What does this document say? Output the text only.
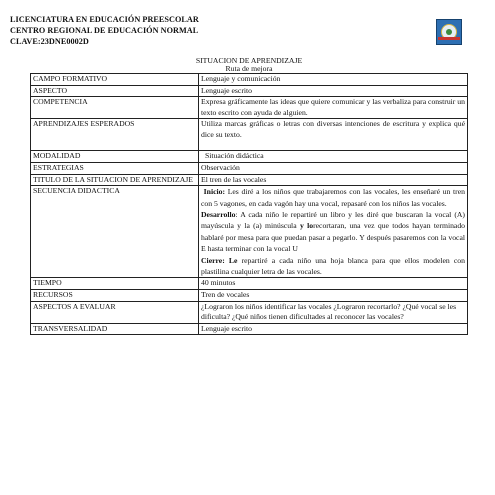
LICENCIATURA EN EDUCACIÓN PREESCOLAR
CENTRO REGIONAL DE EDUCACIÓN NORMAL
CLAVE:23DNE0002D
SITUACION DE APRENDIZAJE
Ruta de mejora
CAMPO FORMATIVO	Lenguaje y comunicación
ASPECTO	Lenguaje escrito
COMPETENCIA	Expresa gráficamente las ideas que quiere comunicar y las verbaliza para construir un texto escrito con ayuda de alguien.
APRENDIZAJES ESPERADOS	Utiliza marcas gráficas o letras con diversas intenciones de escritura y explica qué dice su texto.
MODALIDAD	Situación didáctica
ESTRATEGIAS	Observación
TITULO DE LA SITUACION DE APRENDIZAJE	El tren de las vocales
SECUENCIA DIDACTICA	Inicio: Les diré a los niños que trabajaremos con las vocales, les enseñaré un tren con 5 vagones, en cada vagón hay una vocal, repasaré con los niños las vocales.

Desarrollo: A cada niño le repartiré un libro y les diré que buscaran la vocal (A) mayúscula y la (a) minúscula y lorecortaran, una vez que todos hayan terminado hablaré por mesa para que puedan pasar a pegarlo. Y después pasaremos con la vocal E hasta terminar con la vocal U

Cierre: Le repartiré a cada niño una hoja blanca para que ellos modelen con plastilina cualquier letra de las vocales.

TIEMPO	40 minutos
RECURSOS	Tren de vocales
ASPECTOS A EVALUAR	¿Lograron los niños identificar las vocales ¿Lograron recortarlo? ¿Qué vocal se les dificulta? ¿Qué niños tienen dificultades al reconocer las vocales?
TRANSVERSALIDAD	Lenguaje escrito
